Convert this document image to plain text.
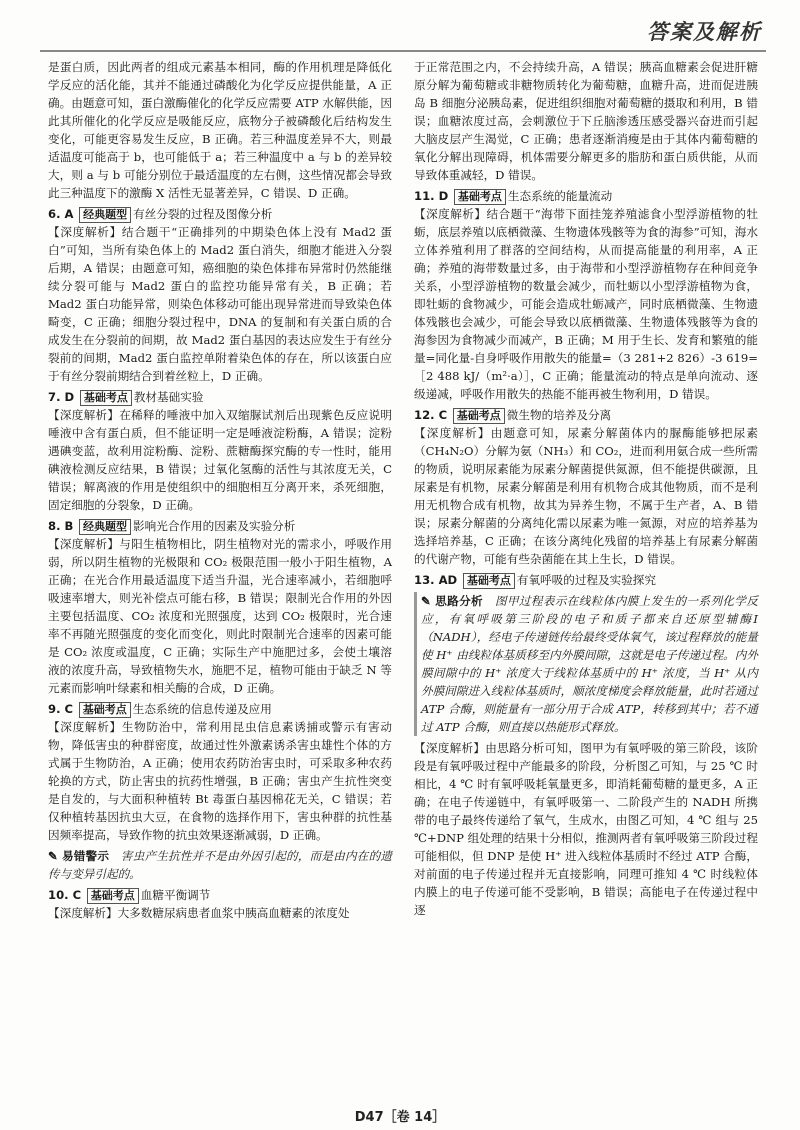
答案及解析

是蛋白质，因此两者的组成元素基本相同，酶的作用机理是降低化学反应的活化能，其并不能通过磷酸化为化学反应提供能量，A 正确。由题意可知，蛋白激酶催化的化学反应需要 ATP 水解供能，因此其所催化的化学反应是吸能反应，底物分子被磷酸化后结构发生变化，可能更容易发生反应，B 正确。若三种温度差异不大，则最适温度可能高于 b，也可能低于 a；若三种温度中 a 与 b 的差异较大，则 a 与 b 可能分别位于最适温度的左右侧，这些情况都会导致此三种温度下的激酶 X 活性无显著差异，C 错误、D 正确。

6. A 经典题型 有丝分裂的过程及图像分析

【深度解析】结合题干“正确排列的中期染色体上没有 Mad2 蛋白”可知，当所有染色体上的 Mad2 蛋白消失，细胞才能进入分裂后期，A 错误；由题意可知，癌细胞的染色体排布异常时仍然能继续分裂可能与 Mad2 蛋白的监控功能异常有关，B 正确；若 Mad2 蛋白功能异常，则染色体移动可能出现异常进而导致染色体畸变，C 正确；细胞分裂过程中，DNA 的复制和有关蛋白质的合成发生在分裂前的间期，故 Mad2 蛋白基因的表达应发生于有丝分裂前的间期，Mad2 蛋白监控单附着染色体的存在，所以该蛋白应于有丝分裂前期结合到着丝粒上，D 正确。

7. D 基础考点 教材基础实验

【深度解析】在稀释的唾液中加入双缩脲试剂后出现紫色反应说明唾液中含有蛋白质，但不能证明一定是唾液淀粉酶，A 错误；淀粉遇碘变蓝，故利用淀粉酶、淀粉、蔗糖酶探究酶的专一性时，能用碘液检测反应结果，B 错误；过氧化氢酶的活性与其浓度无关，C 错误；解离液的作用是使组织中的细胞相互分离开来，杀死细胞，固定细胞的分裂象，D 正确。

8. B 经典题型 影响光合作用的因素及实验分析

【深度解析】与阳生植物相比，阴生植物对光的需求小，呼吸作用弱，所以阴生植物的光极限和 CO₂ 极限范围一般小于阳生植物，A 正确；在光合作用最适温度下适当升温，光合速率减小，若细胞呼吸速率增大，则光补偿点可能右移，B 错误；限制光合作用的外因主要包括温度、CO₂ 浓度和光照强度，达到 CO₂ 极限时，光合速率不再随光照强度的变化而变化，则此时限制光合速率的因素可能是 CO₂ 浓度或温度，C 正确；实际生产中施肥过多，会使土壤溶液的浓度升高，导致植物失水，施肥不足，植物可能由于缺乏 N 等元素而影响叶绿素和相关酶的合成，D 正确。

9. C 基础考点 生态系统的信息传递及应用

【深度解析】生物防治中，常利用昆虫信息素诱捕或警示有害动物，降低害虫的种群密度，故通过性外激素诱杀害虫雄性个体的方式属于生物防治，A 正确；使用农药防治害虫时，可采取多种农药轮换的方式，防止害虫的抗药性增强，B 正确；害虫产生抗性突变是自发的，与大面积种植转 Bt 毒蛋白基因棉花无关，C 错误；若仅种植转基因抗虫大豆，在食物的选择作用下，害虫种群的抗性基因频率提高，导致作物的抗虫效果逐渐减弱，D 正确。

✎ 易错警示　害虫产生抗性并不是由外因引起的，而是由内在的遗传与变异引起的。

10. C 基础考点 血糖平衡调节

【深度解析】大多数糖尿病患者血浆中胰高血糖素的浓度处

于正常范围之内，不会持续升高，A 错误；胰高血糖素会促进肝糖原分解为葡萄糖或非糖物质转化为葡萄糖，血糖升高，进而促进胰岛 B 细胞分泌胰岛素，促进组织细胞对葡萄糖的摄取和利用，B 错误；血糖浓度过高，会刺激位于下丘脑渗透压感受器兴奋进而引起大脑皮层产生渴觉，C 正确；患者逐渐消瘦是由于其体内葡萄糖的氧化分解出现障碍，机体需要分解更多的脂肪和蛋白质供能，从而导致体重减轻，D 错误。

11. D 基础考点 生态系统的能量流动

【深度解析】结合题干“海带下面挂笼养殖滤食小型浮游植物的牡蛎，底层养殖以底栖微藻、生物遗体残骸等为食的海参”可知，海水立体养殖利用了群落的空间结构，从而提高能量的利用率，A 正确；养殖的海带数量过多，由于海带和小型浮游植物存在种间竞争关系，小型浮游植物的数量会减少，而牡蛎以小型浮游植物为食，即牡蛎的食物减少，可能会造成牡蛎减产，同时底栖微藻、生物遗体残骸也会减少，可能会导致以底栖微藻、生物遗体残骸等为食的海参因为食物减少而减产，B 正确；M 用于生长、发育和繁殖的能量=同化量-自身呼吸作用散失的能量=（3 281+2 826）-3 619=［2 488 kJ/（m²·a）］，C 正确；能量流动的特点是单向流动、逐级递减，呼吸作用散失的热能不能再被生物利用，D 错误。

12. C 基础考点 微生物的培养及分离

【深度解析】由题意可知，尿素分解菌体内的脲酶能够把尿素（CH₄N₂O）分解为氨（NH₃）和 CO₂，进而利用氨合成一些所需的物质，说明尿素能为尿素分解菌提供氮源，但不能提供碳源，且尿素是有机物，尿素分解菌是利用有机物合成其他物质，而不是利用无机物合成有机物，故其为异养生物，不属于生产者，A、B 错误；尿素分解菌的分离纯化需以尿素为唯一氮源，对应的培养基为选择培养基，C 正确；在该分离纯化残留的培养基上有尿素分解菌的代谢产物，可能有些杂菌能在其上生长，D 错误。

13. AD 基础考点 有氧呼吸的过程及实验探究

✎ 思路分析　图甲过程表示在线粒体内膜上发生的一系列化学反应，有氧呼吸第三阶段的电子和质子都来自还原型辅酶Ⅰ（NADH），经电子传递链传给最终受体氧气，该过程释放的能量使 H⁺ 由线粒体基质移至内外膜间隙，这就是电子传递过程。内外膜间隙中的 H⁺ 浓度大于线粒体基质中的 H⁺ 浓度，当 H⁺ 从内外膜间隙进入线粒体基质时，顺浓度梯度会释放能量，此时若通过 ATP 合酶，则能量有一部分用于合成 ATP，转移到其中；若不通过 ATP 合酶，则直接以热能形式释放。

【深度解析】由思路分析可知，图甲为有氧呼吸的第三阶段，该阶段是有氧呼吸过程中产能最多的阶段，分析图乙可知，与 25 ℃ 时相比，4 ℃ 时有氧呼吸耗氧量更多，即消耗葡萄糖的量更多，A 正确；在电子传递链中，有氧呼吸第一、二阶段产生的 NADH 所携带的电子最终传递给了氧气，生成水，由图乙可知，4 ℃ 组与 25 ℃+DNP 组处理的结果十分相似，推测两者有氧呼吸第三阶段过程可能相似，但 DNP 是使 H⁺ 进入线粒体基质时不经过 ATP 合酶，对前面的电子传递过程并无直接影响，同理可推知 4 ℃ 时线粒体内膜上的电子传递可能不受影响，B 错误；高能电子在传递过程中逐

D47［卷 14］
